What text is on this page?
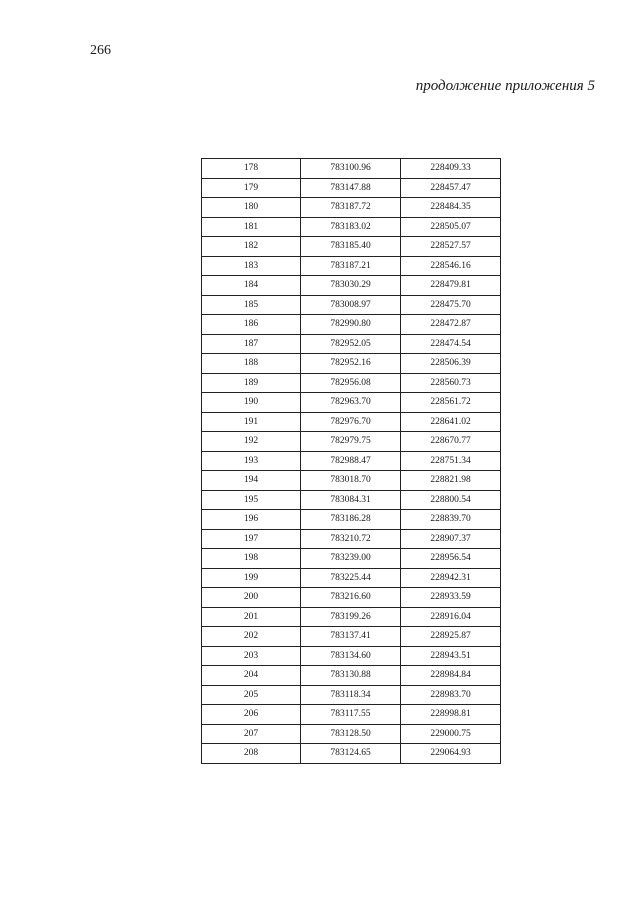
266
продолжение приложения 5
178	783100.96	228409.33
179	783147.88	228457.47
180	783187.72	228484.35
181	783183.02	228505.07
182	783185.40	228527.57
183	783187.21	228546.16
184	783030.29	228479.81
185	783008.97	228475.70
186	782990.80	228472.87
187	782952.05	228474.54
188	782952.16	228506.39
189	782956.08	228560.73
190	782963.70	228561.72
191	782976.70	228641.02
192	782979.75	228670.77
193	782988.47	228751.34
194	783018.70	228821.98
195	783084.31	228800.54
196	783186.28	228839.70
197	783210.72	228907.37
198	783239.00	228956.54
199	783225.44	228942.31
200	783216.60	228933.59
201	783199.26	228916.04
202	783137.41	228925.87
203	783134.60	228943.51
204	783130.88	228984.84
205	783118.34	228983.70
206	783117.55	228998.81
207	783128.50	229000.75
208	783124.65	229064.93
